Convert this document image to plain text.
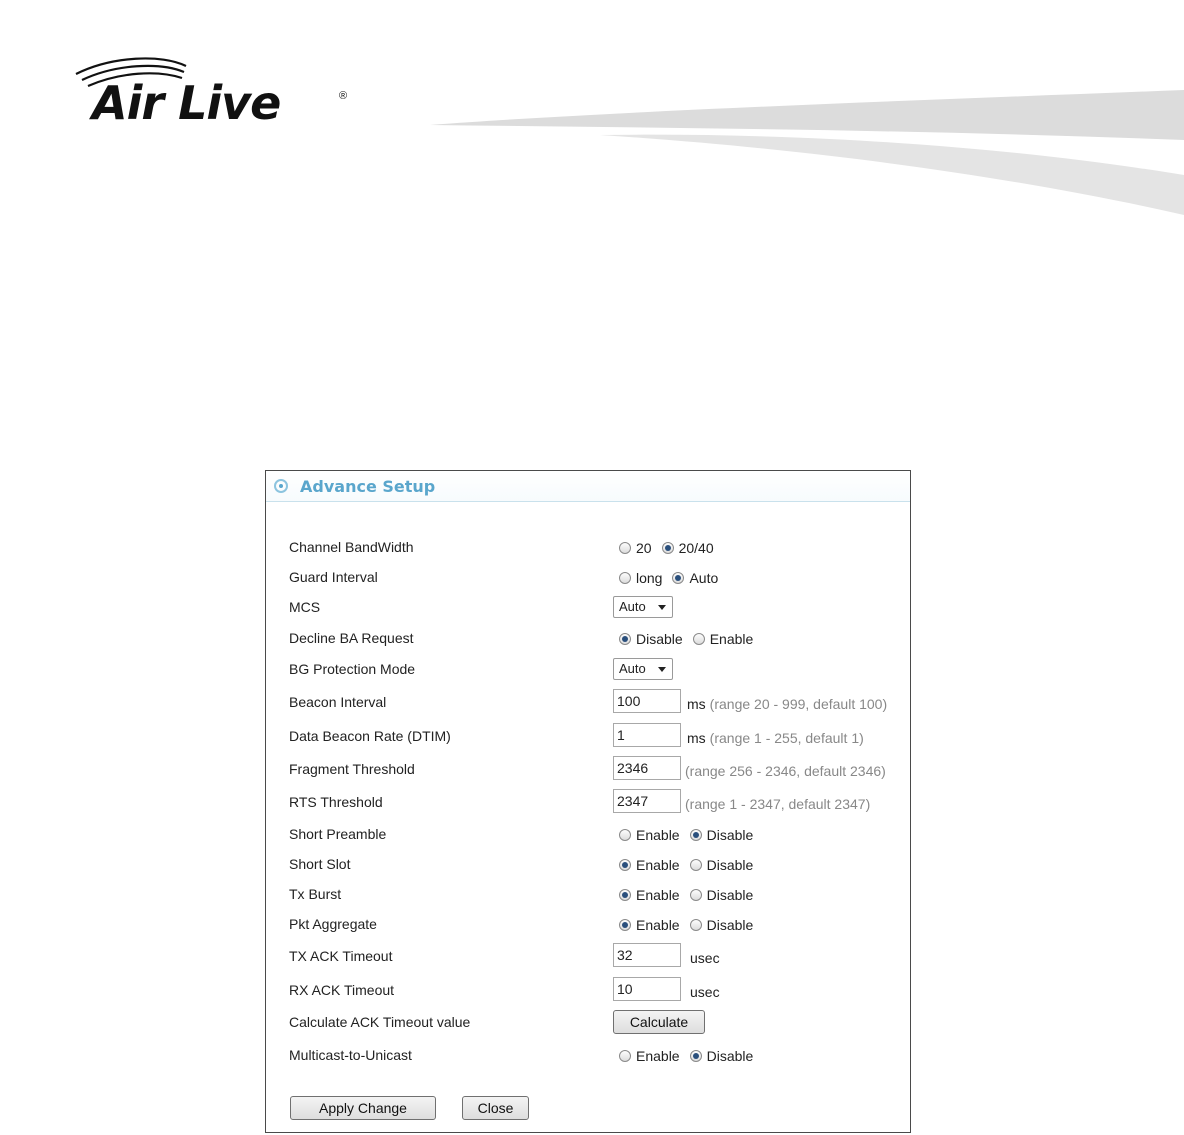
Air Live	®
Advance Setup
Channel BandWidth	20 20/40
Guard Interval	long Auto
MCS	Auto
Decline BA Request	Disable Enable
BG Protection Mode	Auto
Beacon Interval	100	ms (range 20 - 999, default 100)
Data Beacon Rate (DTIM)	1	ms (range 1 - 255, default 1)
Fragment Threshold	2346	(range 256 - 2346, default 2346)
RTS Threshold	2347	(range 1 - 2347, default 2347)
Short Preamble	Enable Disable
Short Slot	Enable Disable
Tx Burst	Enable Disable
Pkt Aggregate	Enable Disable
TX ACK Timeout	32	usec
RX ACK Timeout	10	usec
Calculate ACK Timeout value	Calculate
Multicast-to-Unicast	Enable Disable
Apply Change	Close
